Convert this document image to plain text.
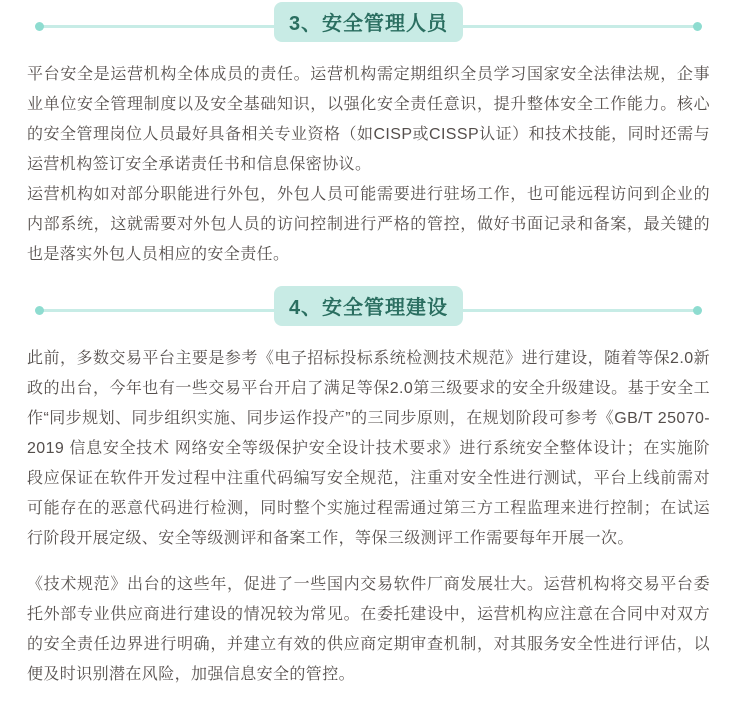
3、安全管理人员

平台安全是运营机构全体成员的责任。运营机构需定期组织全员学习国家安全法律法规，企事业单位安全管理制度以及安全基础知识，以强化安全责任意识，提升整体安全工作能力。核心的安全管理岗位人员最好具备相关专业资格（如CISP或CISSP认证）和技术技能，同时还需与运营机构签订安全承诺责任书和信息保密协议。

运营机构如对部分职能进行外包，外包人员可能需要进行驻场工作，也可能远程访问到企业的内部系统，这就需要对外包人员的访问控制进行严格的管控，做好书面记录和备案，最关键的也是落实外包人员相应的安全责任。

4、安全管理建设

此前，多数交易平台主要是参考《电子招标投标系统检测技术规范》进行建设，随着等保2.0新政的出台，今年也有一些交易平台开启了满足等保2.0第三级要求的安全升级建设。基于安全工作“同步规划、同步组织实施、同步运作投产”的三同步原则，在规划阶段可参考《GB/T 25070-2019 信息安全技术 网络安全等级保护安全设计技术要求》进行系统安全整体设计；在实施阶段应保证在软件开发过程中注重代码编写安全规范，注重对安全性进行测试，平台上线前需对可能存在的恶意代码进行检测，同时整个实施过程需通过第三方工程监理来进行控制；在试运行阶段开展定级、安全等级测评和备案工作，等保三级测评工作需要每年开展一次。

《技术规范》出台的这些年，促进了一些国内交易软件厂商发展壮大。运营机构将交易平台委托外部专业供应商进行建设的情况较为常见。在委托建设中，运营机构应注意在合同中对双方的安全责任边界进行明确，并建立有效的供应商定期审查机制，对其服务安全性进行评估，以便及时识别潜在风险，加强信息安全的管控。
